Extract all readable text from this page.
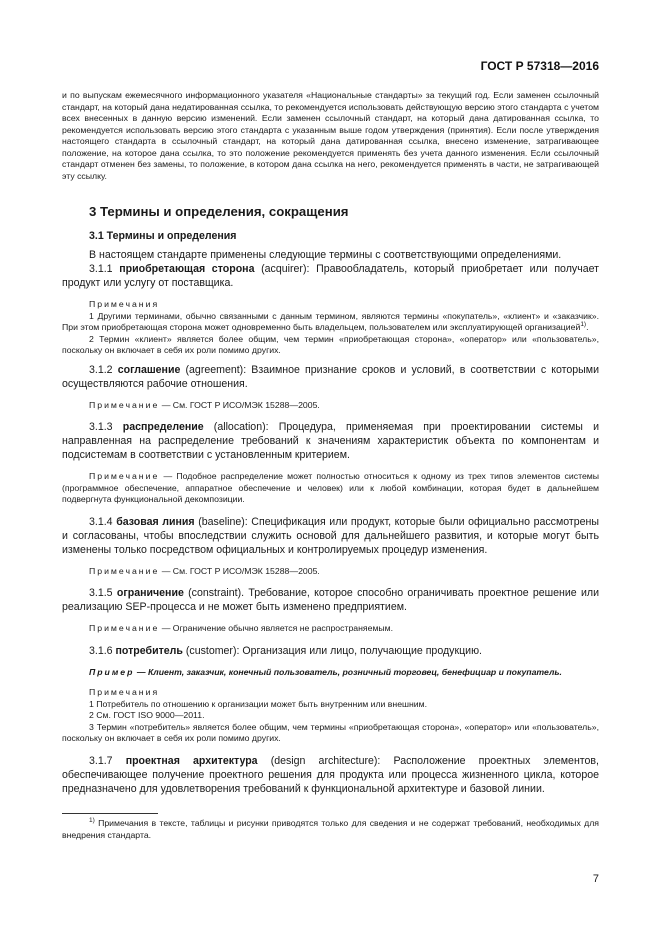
ГОСТ Р 57318—2016

и по выпускам ежемесячного информационного указателя «Национальные стандарты» за текущий год. Если заменен ссылочный стандарт, на который дана недатированная ссылка, то рекомендуется использовать действующую версию этого стандарта с учетом всех внесенных в данную версию изменений. Если заменен ссылочный стандарт, на который дана датированная ссылка, то рекомендуется использовать версию этого стандарта с указанным выше годом утверждения (принятия). Если после утверждения настоящего стандарта в ссылочный стандарт, на который дана датированная ссылка, внесено изменение, затрагивающее положение, на которое дана ссылка, то это положение рекомендуется применять без учета данного изменения. Если ссылочный стандарт отменен без замены, то положение, в котором дана ссылка на него, рекомендуется применять в части, не затрагивающей эту ссылку.

3 Термины и определения, сокращения
3.1 Термины и определения

В настоящем стандарте применены следующие термины с соответствующими определениями.

3.1.1 приобретающая сторона (acquirer): Правообладатель, который приобретает или получает продукт или услугу от поставщика.

Примечания

1 Другими терминами, обычно связанными с данным термином, являются термины «покупатель», «клиент» и «заказчик». При этом приобретающая сторона может одновременно быть владельцем, пользователем или эксплуатирующей организацией$^{1)}$.

2 Термин «клиент» является более общим, чем термин «приобретающая сторона», «оператор» или «пользователь», поскольку он включает в себя их роли помимо других.

3.1.2 соглашение (agreement): Взаимное признание сроков и условий, в соответствии с которыми осуществляются рабочие отношения.

Примечание — См. ГОСТ Р ИСО/МЭК 15288—2005.

3.1.3 распределение (allocation): Процедура, применяемая при проектировании системы и направленная на распределение требований к значениям характеристик объекта по компонентам и подсистемам в соответствии с установленным критерием.

Примечание — Подобное распределение может полностью относиться к одному из трех типов элементов системы (программное обеспечение, аппаратное обеспечение и человек) или к любой комбинации, которая будет в дальнейшем подвергнута функциональной декомпозиции.

3.1.4 базовая линия (baseline): Спецификация или продукт, которые были официально рассмотрены и согласованы, чтобы впоследствии служить основой для дальнейшего развития, и которые могут быть изменены только посредством официальных и контролируемых процедур изменения.

Примечание — См. ГОСТ Р ИСО/МЭК 15288—2005.

3.1.5 ограничение (constraint). Требование, которое способно ограничивать проектное решение или реализацию SEP-процесса и не может быть изменено предприятием.

Примечание — Ограничение обычно является не распространяемым.

3.1.6 потребитель (customer): Организация или лицо, получающие продукцию.

Пример — Клиент, заказчик, конечный пользователь, розничный торговец, бенефициар и покупатель.

Примечания

1 Потребитель по отношению к организации может быть внутренним или внешним.

2 См. ГОСТ ISO 9000—2011.

3 Термин «потребитель» является более общим, чем термины «приобретающая сторона», «оператор» или «пользователь», поскольку он включает в себя их роли помимо других.

3.1.7 проектная архитектура (design architecture): Расположение проектных элементов, обеспечивающее получение проектного решения для продукта или процесса жизненного цикла, которое предназначено для удовлетворения требований к функциональной архитектуре и базовой линии.

$^{1)}$ Примечания в тексте, таблицы и рисунки приводятся только для сведения и не содержат требований, необходимых для внедрения стандарта.

7
